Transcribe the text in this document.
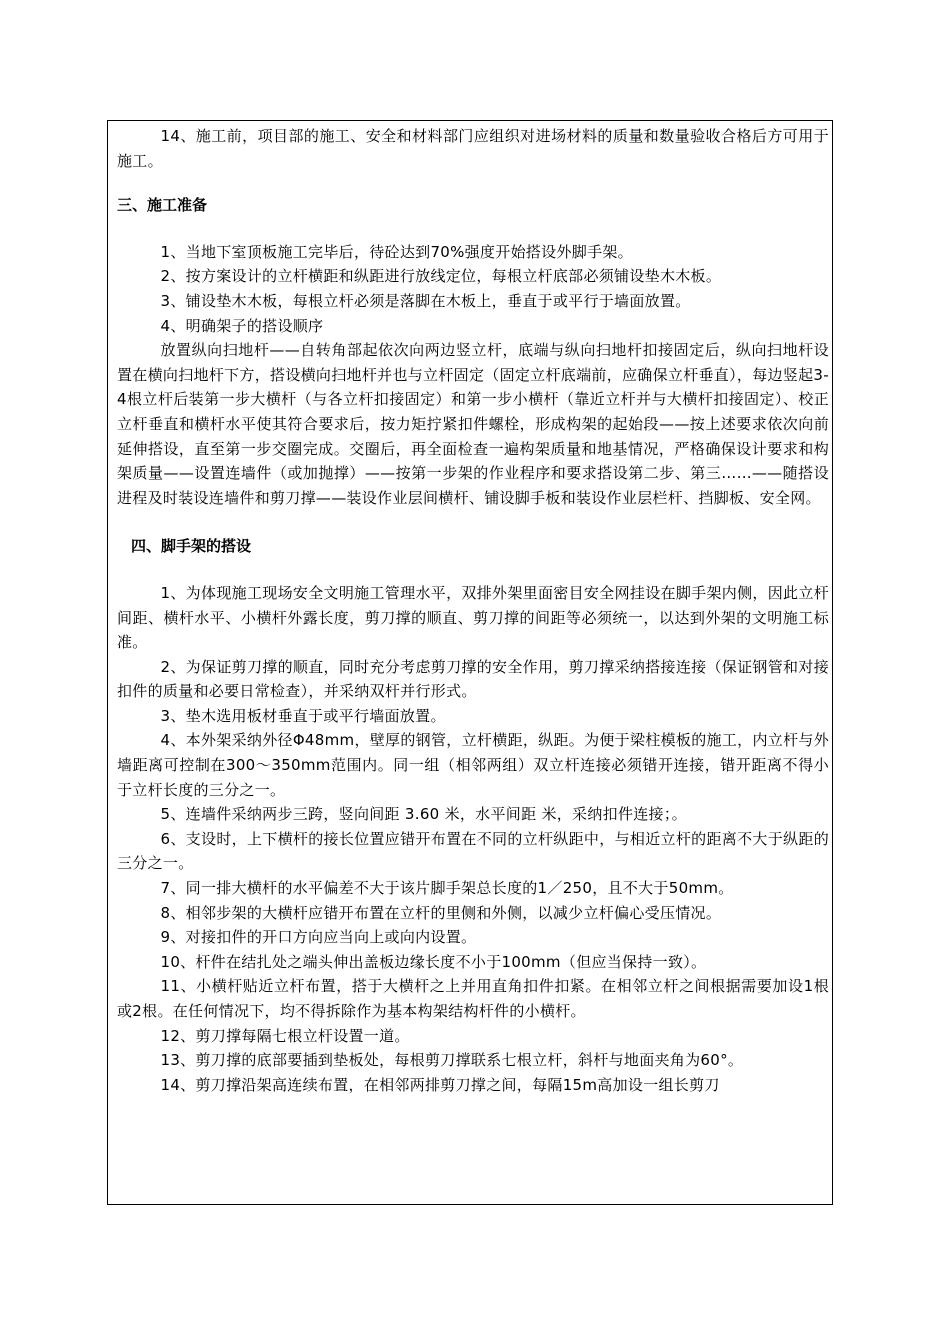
14、施工前，项目部的施工、安全和材料部门应组织对进场材料的质量和数量验收合格后方可用于施工。

三、施工准备

1、当地下室顶板施工完毕后，待砼达到70%强度开始搭设外脚手架。

2、按方案设计的立杆横距和纵距进行放线定位，每根立杆底部必须铺设垫木木板。

3、铺设垫木木板，每根立杆必须是落脚在木板上，垂直于或平行于墙面放置。

4、明确架子的搭设顺序

放置纵向扫地杆——自转角部起依次向两边竖立杆，底端与纵向扫地杆扣接固定后，纵向扫地杆设置在横向扫地杆下方，搭设横向扫地杆并也与立杆固定（固定立杆底端前，应确保立杆垂直），每边竖起3-4根立杆后装第一步大横杆（与各立杆扣接固定）和第一步小横杆（靠近立杆并与大横杆扣接固定）、校正立杆垂直和横杆水平使其符合要求后，按力矩拧紧扣件螺栓，形成构架的起始段——按上述要求依次向前延伸搭设，直至第一步交圈完成。交圈后，再全面检查一遍构架质量和地基情况，严格确保设计要求和构架质量——设置连墙件（或加抛撑）——按第一步架的作业程序和要求搭设第二步、第三……——随搭设进程及时装设连墙件和剪刀撑——装设作业层间横杆、铺设脚手板和装设作业层栏杆、挡脚板、安全网。

四、脚手架的搭设

1、为体现施工现场安全文明施工管理水平，双排外架里面密目安全网挂设在脚手架内侧，因此立杆间距、横杆水平、小横杆外露长度，剪刀撑的顺直、剪刀撑的间距等必须统一，以达到外架的文明施工标准。

2、为保证剪刀撑的顺直，同时充分考虑剪刀撑的安全作用，剪刀撑采纳搭接连接（保证钢管和对接扣件的质量和必要日常检查），并采纳双杆并行形式。

3、垫木选用板材垂直于或平行墙面放置。

4、本外架采纳外径Φ48mm，壁厚的钢管，立杆横距，纵距。为便于梁柱模板的施工，内立杆与外墙距离可控制在300～350mm范围内。同一组（相邻两组）双立杆连接必须错开连接，错开距离不得小于立杆长度的三分之一。

5、连墙件采纳两步三跨，竖向间距 3.60 米，水平间距 米，采纳扣件连接；。

6、支设时，上下横杆的接长位置应错开布置在不同的立杆纵距中，与相近立杆的距离不大于纵距的三分之一。

7、同一排大横杆的水平偏差不大于该片脚手架总长度的1／250，且不大于50mm。

8、相邻步架的大横杆应错开布置在立杆的里侧和外侧，以减少立杆偏心受压情况。

9、对接扣件的开口方向应当向上或向内设置。

10、杆件在结扎处之端头伸出盖板边缘长度不小于100mm（但应当保持一致）。

11、小横杆贴近立杆布置，搭于大横杆之上并用直角扣件扣紧。在相邻立杆之间根据需要加设1根或2根。在任何情况下，均不得拆除作为基本构架结构杆件的小横杆。

12、剪刀撑每隔七根立杆设置一道。

13、剪刀撑的底部要插到垫板处，每根剪刀撑联系七根立杆，斜杆与地面夹角为60°。

14、剪刀撑沿架高连续布置，在相邻两排剪刀撑之间，每隔15m高加设一组长剪刀
